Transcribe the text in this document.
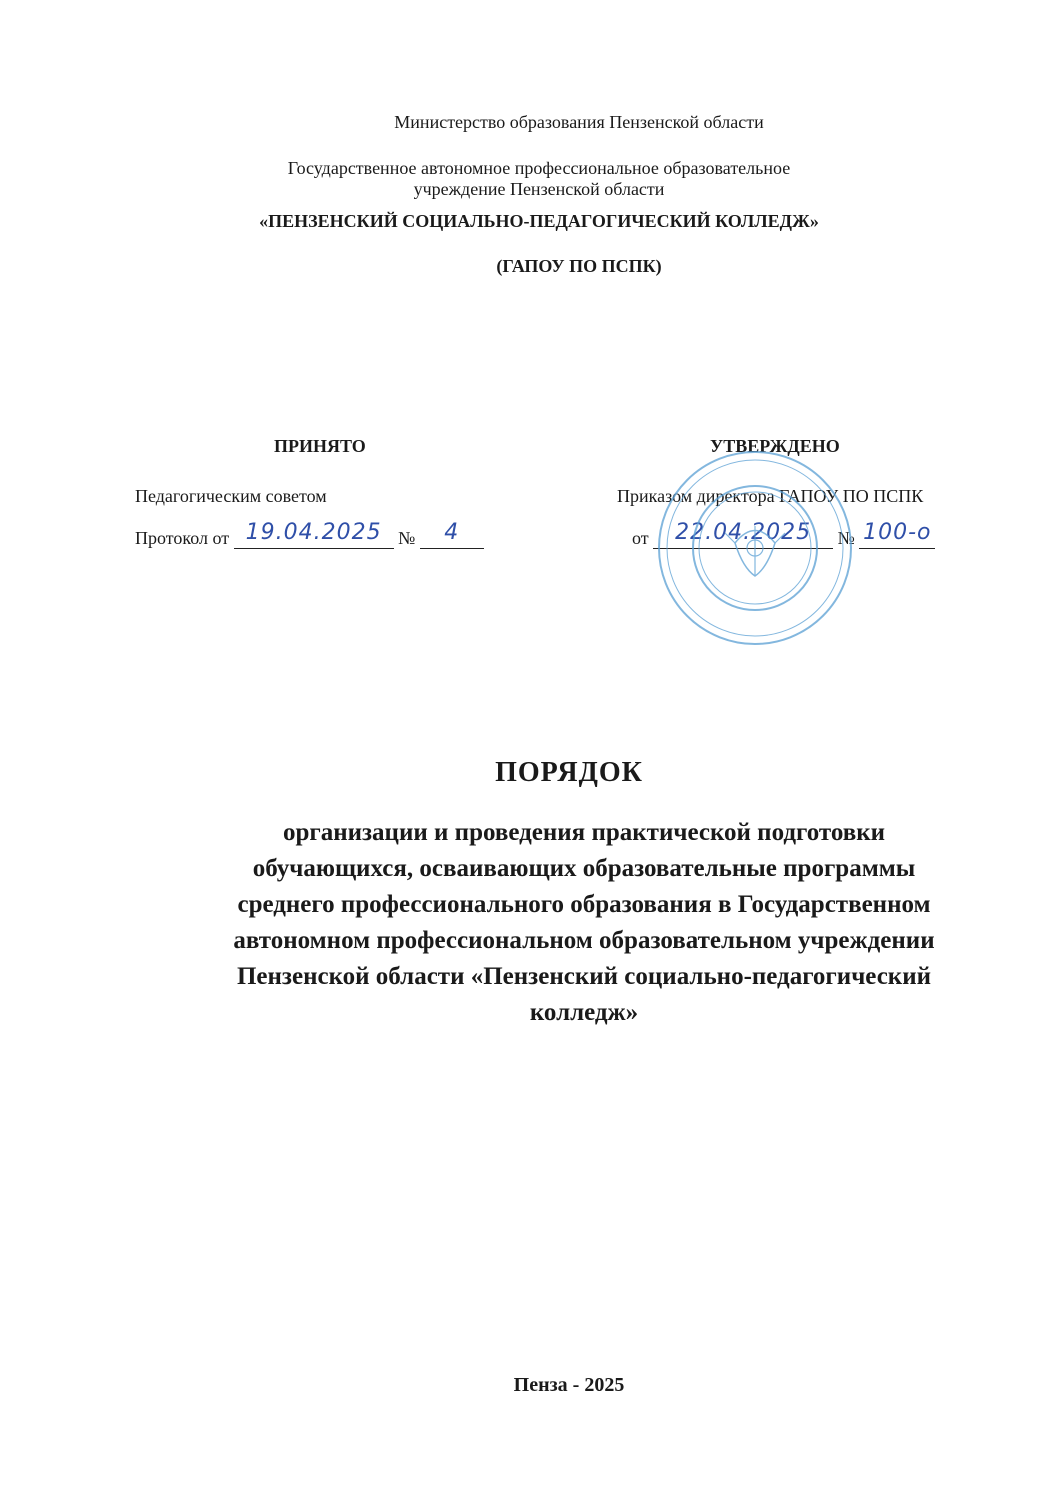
Министерство образования Пензенской области
Государственное автономное профессиональное образовательное
учреждение Пензенской области
«ПЕНЗЕНСКИЙ СОЦИАЛЬНО-ПЕДАГОГИЧЕСКИЙ КОЛЛЕДЖ»
(ГАПОУ ПО ПСПК)
ПРИНЯТО
Педагогическим советом
Протокол от 19.04.2025 № 4
УТВЕРЖДЕНО
Приказом директора ГАПОУ ПО ПСПК
от 22.04.2025 № 100-о
ПОРЯДОК
организации и проведения практической подготовки
обучающихся, осваивающих образовательные программы
среднего профессионального образования в Государственном
автономном профессиональном образовательном учреждении
Пензенской области «Пензенский социально-педагогический
колледж»
Пенза - 2025
